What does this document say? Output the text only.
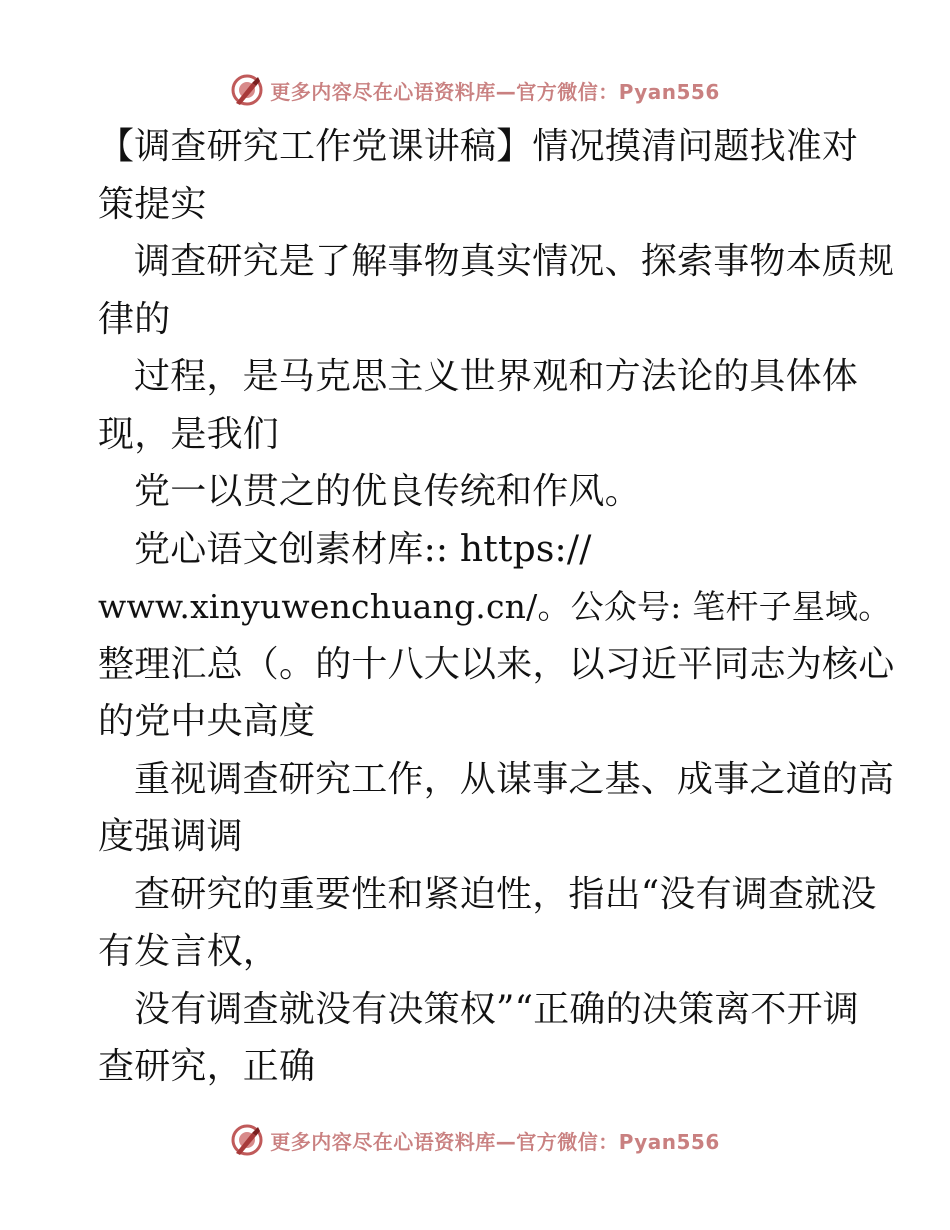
更多内容尽在心语资料库—官方微信：Pyan556
【调查研究工作党课讲稿】情况摸清问题找准对
策提实
调查研究是了解事物真实情况、探索事物本质规
律的
过程，是马克思主义世界观和方法论的具体体
现，是我们
党一以贯之的优良传统和作风。
党心语文创素材库:: https://
www.xinyuwenchuang.cn/。公众号: 笔杆子星域。
整理汇总（。的十八大以来，以习近平同志为核心
的党中央高度
重视调查研究工作，从谋事之基、成事之道的高
度强调调
查研究的重要性和紧迫性，指出“没有调查就没
有发言权，
没有调查就没有决策权”“正确的决策离不开调
查研究，正确
更多内容尽在心语资料库—官方微信：Pyan556
